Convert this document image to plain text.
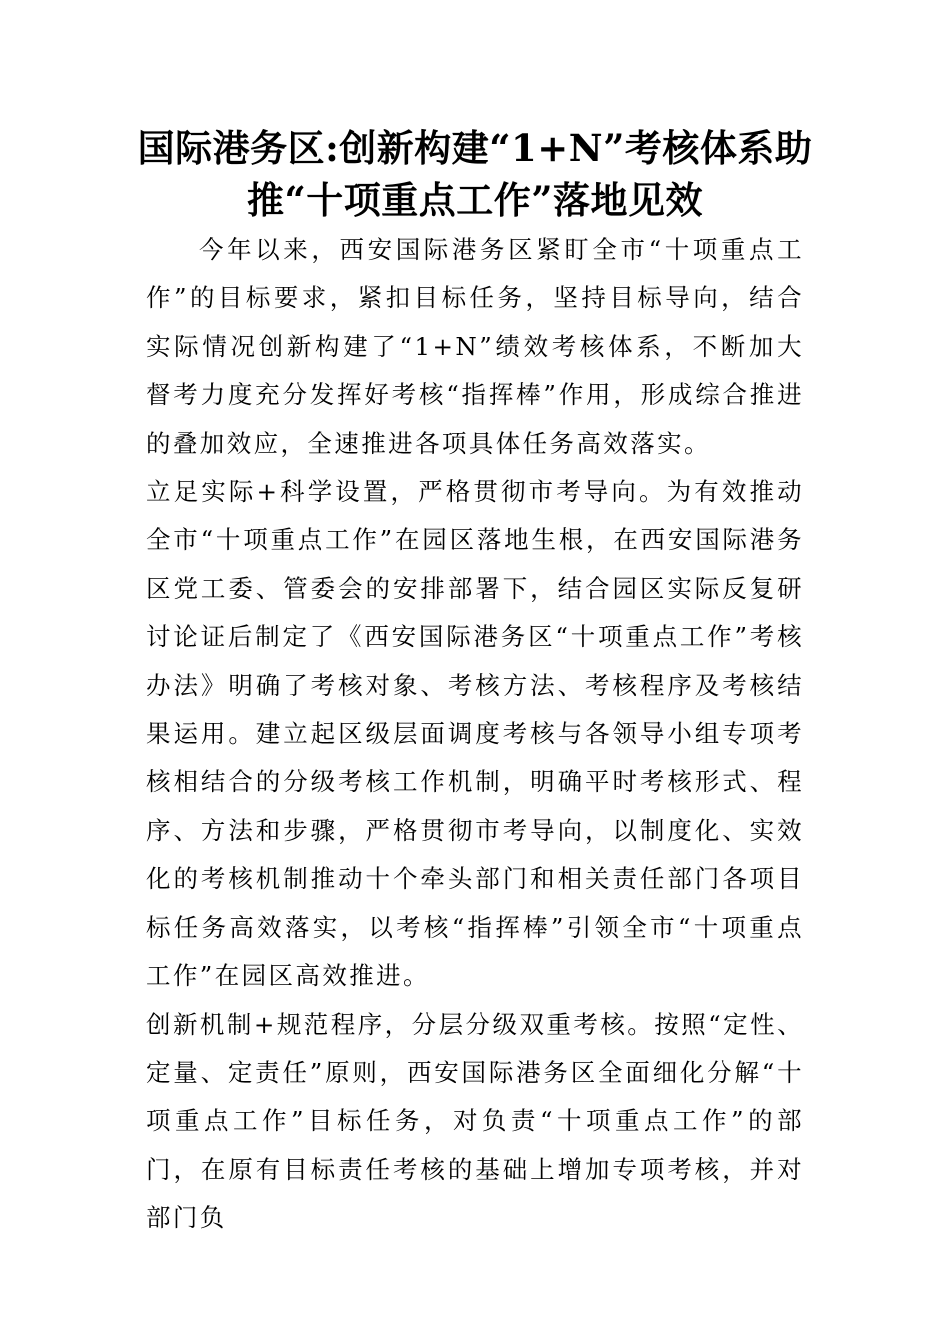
国际港务区:创新构建“1+N”考核体系助推“十项重点工作”落地见效

今年以来，西安国际港务区紧盯全市“十项重点工作”的目标要求，紧扣目标任务，坚持目标导向，结合实际情况创新构建了“1+N”绩效考核体系，不断加大督考力度充分发挥好考核“指挥棒”作用，形成综合推进的叠加效应，全速推进各项具体任务高效落实。

立足实际+科学设置，严格贯彻市考导向。为有效推动全市“十项重点工作”在园区落地生根，在西安国际港务区党工委、管委会的安排部署下，结合园区实际反复研讨论证后制定了《西安国际港务区“十项重点工作”考核办法》明确了考核对象、考核方法、考核程序及考核结果运用。建立起区级层面调度考核与各领导小组专项考核相结合的分级考核工作机制，明确平时考核形式、程序、方法和步骤，严格贯彻市考导向，以制度化、实效化的考核机制推动十个牵头部门和相关责任部门各项目标任务高效落实，以考核“指挥棒”引领全市“十项重点工作”在园区高效推进。

创新机制+规范程序，分层分级双重考核。按照“定性、定量、定责任”原则，西安国际港务区全面细化分解“十项重点工作”目标任务，对负责“十项重点工作”的部门，在原有目标责任考核的基础上增加专项考核，并对部门负
